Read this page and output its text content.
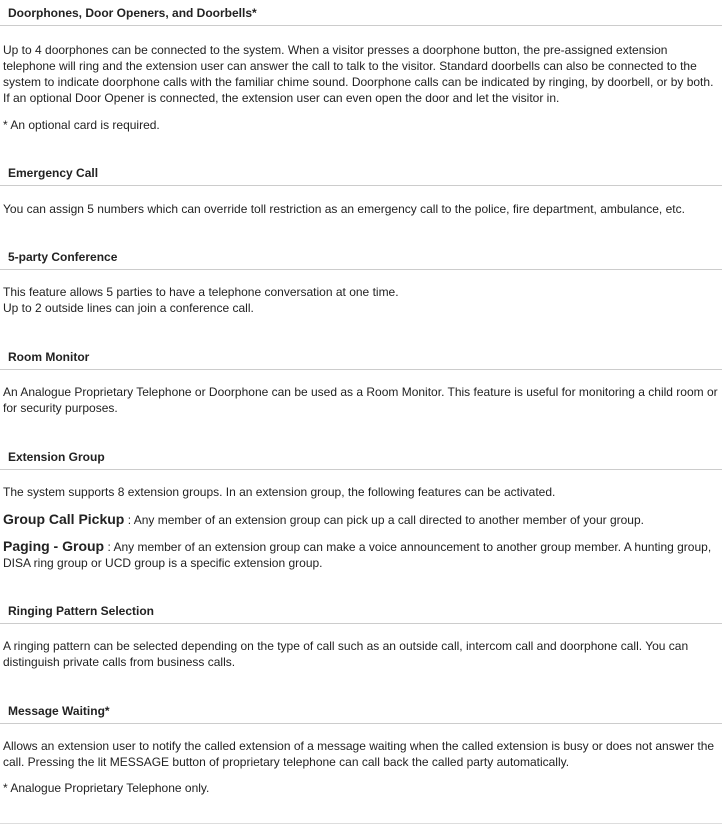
Doorphones, Door Openers, and Doorbells*

Up to 4 doorphones can be connected to the system. When a visitor presses a doorphone button, the pre-assigned extension telephone will ring and the extension user can answer the call to talk to the visitor. Standard doorbells can also be connected to the system to indicate doorphone calls with the familiar chime sound. Doorphone calls can be indicated by ringing, by doorbell, or by both. If an optional Door Opener is connected, the extension user can even open the door and let the visitor in.

* An optional card is required.

Emergency Call

You can assign 5 numbers which can override toll restriction as an emergency call to the police, fire department, ambulance, etc.

5-party Conference

This feature allows 5 parties to have a telephone conversation at one time.

Up to 2 outside lines can join a conference call.

Room Monitor

An Analogue Proprietary Telephone or Doorphone can be used as a Room Monitor. This feature is useful for monitoring a child room or for security purposes.

Extension Group

The system supports 8 extension groups. In an extension group, the following features can be activated.

Group Call Pickup : Any member of an extension group can pick up a call directed to another member of your group.

Paging - Group : Any member of an extension group can make a voice announcement to another group member. A hunting group, DISA ring group or UCD group is a specific extension group.

Ringing Pattern Selection

A ringing pattern can be selected depending on the type of call such as an outside call, intercom call and doorphone call. You can distinguish private calls from business calls.

Message Waiting*

Allows an extension user to notify the called extension of a message waiting when the called extension is busy or does not answer the call. Pressing the lit MESSAGE button of proprietary telephone can call back the called party automatically.

* Analogue Proprietary Telephone only.
